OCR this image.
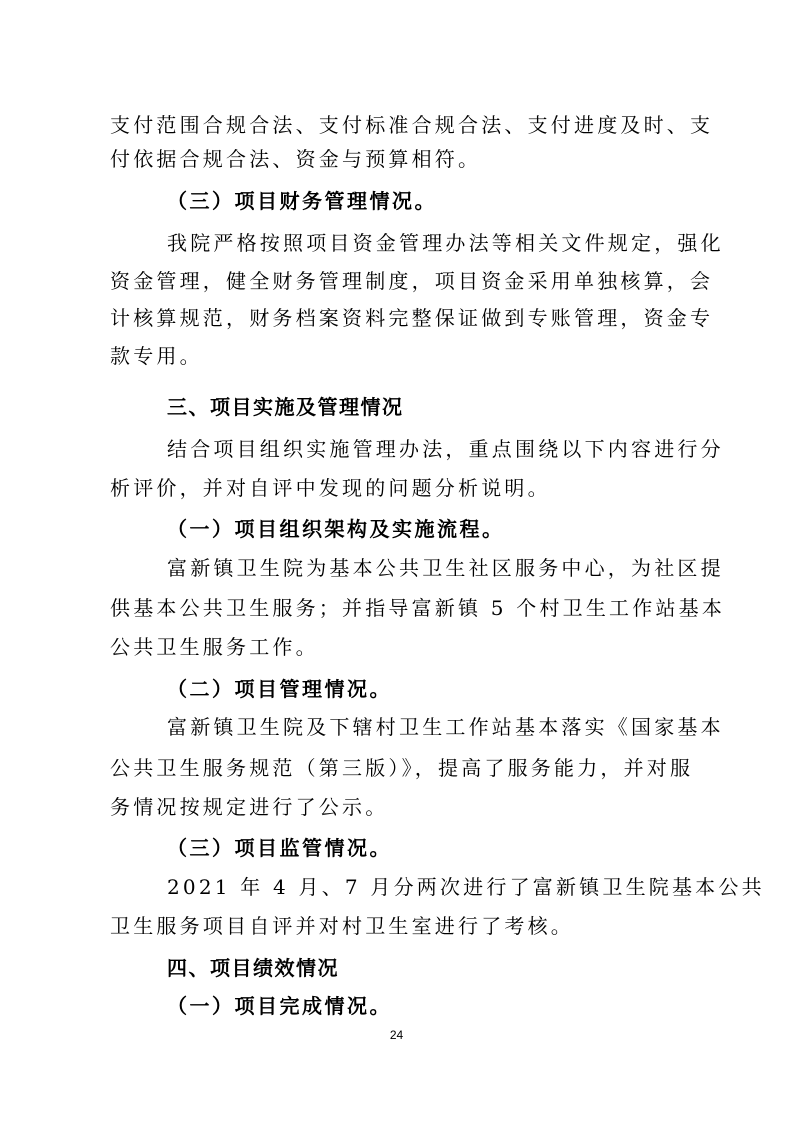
支付范围合规合法、支付标准合规合法、支付进度及时、支
付依据合规合法、资金与预算相符。
（三）项目财务管理情况。
我院严格按照项目资金管理办法等相关文件规定，强化
资金管理，健全财务管理制度，项目资金采用单独核算，会
计核算规范，财务档案资料完整保证做到专账管理，资金专
款专用。
三、项目实施及管理情况
结合项目组织实施管理办法，重点围绕以下内容进行分
析评价，并对自评中发现的问题分析说明。
（一）项目组织架构及实施流程。
富新镇卫生院为基本公共卫生社区服务中心，为社区提
供基本公共卫生服务；并指导富新镇 5 个村卫生工作站基本
公共卫生服务工作。
（二）项目管理情况。
富新镇卫生院及下辖村卫生工作站基本落实《国家基本
公共卫生服务规范（第三版）》，提高了服务能力，并对服
务情况按规定进行了公示。
（三）项目监管情况。
2021 年 4 月、7 月分两次进行了富新镇卫生院基本公共
卫生服务项目自评并对村卫生室进行了考核。
四、项目绩效情况
（一）项目完成情况。
24
